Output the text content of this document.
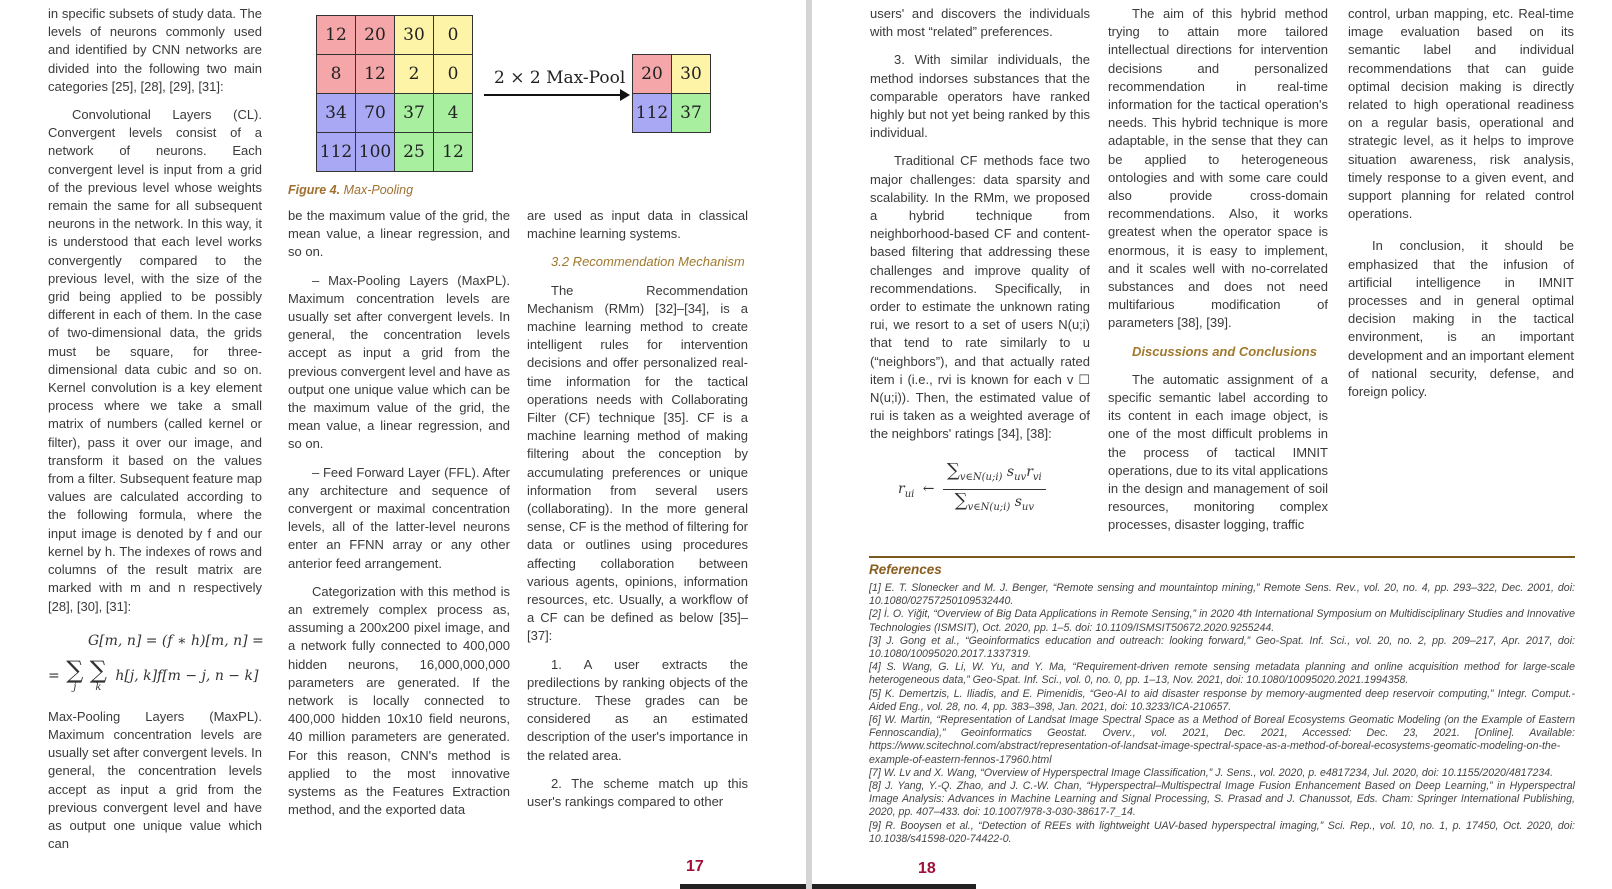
in specific subsets of study data. The levels of neurons commonly used and identified by CNN networks are divided into the following two main categories [25], [28], [29], [31]:

Convolutional Layers (CL). Convergent levels consist of a network of neurons. Each convergent level is input from a grid of the previous level whose weights remain the same for all subsequent neurons in the network. In this way, it is understood that each level works convergently compared to the previous level, with the size of the grid being applied to be possibly different in each of them. In the case of two-dimensional data, the grids must be square, for three-dimensional data cubic and so on. Kernel convolution is a key element process where we take a small matrix of numbers (called kernel or filter), pass it over our image, and transform it based on the values from a filter. Subsequent feature map values are calculated according to the following formula, where the input image is denoted by f and our kernel by h. The indexes of rows and columns of the result matrix are marked with m and n respectively [28], [30], [31]:

G[m, n] = (f ∗ h)[m, n] =
= ∑
j

∑
k
h[j, k]f[m − j, n − k]

Max-Pooling Layers (MaxPL). Maximum concentration levels are usually set after convergent levels. In general, the concentration levels accept as input a grid from the previous convergent level and have as output one unique value which can

12	20	30	0
8	12	2	0
34	70	37	4
112	100	25	12
2 × 2 Max-Pool 20	30
112	37
Figure 4. Max-Pooling

be the maximum value of the grid, the mean value, a linear regression, and so on.

– Max-Pooling Layers (MaxPL). Maximum concentration levels are usually set after convergent levels. In general, the concentration levels accept as input a grid from the previous convergent level and have as output one unique value which can be the maximum value of the grid, the mean value, a linear regression, and so on.

– Feed Forward Layer (FFL). After any architecture and sequence of convergent or maximal concentration levels, all of the latter-level neurons enter an FFNN array or any other anterior feed arrangement.

Categorization with this method is an extremely complex process as, assuming a 200x200 pixel image, and a network fully connected to 400,000 hidden neurons, 16,000,000,000 parameters are generated. If the network is locally connected to 400,000 hidden 10x10 field neurons, 40 million parameters are generated. For this reason, CNN's method is applied to the most innovative systems as the Features Extraction method, and the exported data

are used as input data in classical machine learning systems.

3.2 Recommendation Mechanism

The Recommendation Mechanism (RMm) [32]–[34], is a machine learning method to create intelligent rules for intervention decisions and offer personalized real-time information for the tactical operations needs with Collaborating Filter (CF) technique [35]. CF is a machine learning method of making filtering about the conception by accumulating preferences or unique information from several users (collaborating). In the more general sense, CF is the method of filtering for data or outlines using procedures affecting collaboration between various agents, opinions, information resources, etc. Usually, a workflow of a CF can be defined as below [35]–[37]:

1. A user extracts the predilections by ranking objects of the structure. These grades can be considered as an estimated description of the user's importance in the related area.

2. The scheme match up this user's rankings compared to other

17

users' and discovers the individuals with most “related” preferences.

3. With similar individuals, the method indorses substances that the comparable operators have ranked highly but not yet being ranked by this individual.

Traditional CF methods face two major challenges: data sparsity and scalability. In the RMm, we proposed a hybrid technique from neighborhood-based CF and content-based filtering that addressing these challenges and improve quality of recommendations. Specifically, in order to estimate the unknown rating rui, we resort to a set of users N(u;i) that tend to rate similarly to u (“neighbors”), and that actually rated item i (i.e., rvi is known for each v ☐ N(u;i)). Then, the estimated value of rui is taken as a weighted average of the neighbors' ratings [34], [38]:

$r_{ui}$ ← $\frac{\sum_{v\in N(u;i)} s_{uv}r_{vi}}{\sum_{v\in N(u;i)} s_{uv}}$

The aim of this hybrid method trying to attain more tailored intellectual directions for intervention decisions and personalized recommendation in real-time information for the tactical operation's needs. This hybrid technique is more adaptable, in the sense that they can be applied to heterogeneous ontologies and with some care could also provide cross-domain recommendations. Also, it works greatest when the operator space is enormous, it is easy to implement, and it scales well with no-correlated substances and does not need multifarious modification of parameters [38], [39].

Discussions and Conclusions

The automatic assignment of a specific semantic label according to its content in each image object, is one of the most difficult problems in the process of tactical IMNIT operations, due to its vital applications in the design and management of soil resources, monitoring complex processes, disaster logging, traffic

control, urban mapping, etc. Real-time image evaluation based on its semantic label and individual recommendations that can guide optimal decision making is directly related to high operational readiness on a regular basis, operational and strategic level, as it helps to improve situation awareness, risk analysis, timely response to a given event, and support planning for related control operations.

In conclusion, it should be emphasized that the infusion of artificial intelligence in IMNIT processes and in general optimal decision making in the tactical environment, is an important development and an important element of national security, defense, and foreign policy.

References
[1] E. T. Slonecker and M. J. Benger, “Remote sensing and mountaintop mining,” Remote Sens. Rev., vol. 20, no. 4, pp. 293–322, Dec. 2001, doi: 10.1080/02757250109532440.
[2] İ. O. Yiğit, “Overview of Big Data Applications in Remote Sensing,” in 2020 4th International Symposium on Multidisciplinary Studies and Innovative Technologies (ISMSIT), Oct. 2020, pp. 1–5. doi: 10.1109/ISMSIT50672.2020.9255244.
[3] J. Gong et al., “Geoinformatics education and outreach: looking forward,” Geo-Spat. Inf. Sci., vol. 20, no. 2, pp. 209–217, Apr. 2017, doi: 10.1080/10095020.2017.1337319.
[4] S. Wang, G. Li, W. Yu, and Y. Ma, “Requirement-driven remote sensing metadata planning and online acquisition method for large-scale heterogeneous data,” Geo-Spat. Inf. Sci., vol. 0, no. 0, pp. 1–13, Nov. 2021, doi: 10.1080/10095020.2021.1994358.
[5] K. Demertzis, L. Iliadis, and E. Pimenidis, “Geo-AI to aid disaster response by memory-augmented deep reservoir computing,” Integr. Comput.-Aided Eng., vol. 28, no. 4, pp. 383–398, Jan. 2021, doi: 10.3233/ICA-210657.
[6] W. Martin, “Representation of Landsat Image Spectral Space as a Method of Boreal Ecosystems Geomatic Modeling (on the Example of Eastern Fennoscandia),” Geoinformatics Geostat. Overv., vol. 2021, Dec. 2021, Accessed: Dec. 23, 2021. [Online]. Available: https://www.scitechnol.com/abstract/representation-of-landsat-image-spectral-space-as-a-method-of-boreal-ecosystems-geomatic-modeling-on-the-example-of-eastern-fennos-17960.html
[7] W. Lv and X. Wang, “Overview of Hyperspectral Image Classification,” J. Sens., vol. 2020, p. e4817234, Jul. 2020, doi: 10.1155/2020/4817234.
[8] J. Yang, Y.-Q. Zhao, and J. C.-W. Chan, “Hyperspectral–Multispectral Image Fusion Enhancement Based on Deep Learning,” in Hyperspectral Image Analysis: Advances in Machine Learning and Signal Processing, S. Prasad and J. Chanussot, Eds. Cham: Springer International Publishing, 2020, pp. 407–433. doi: 10.1007/978-3-030-38617-7_14.
[9] R. Booysen et al., “Detection of REEs with lightweight UAV-based hyperspectral imaging,” Sci. Rep., vol. 10, no. 1, p. 17450, Oct. 2020, doi: 10.1038/s41598-020-74422-0.
18
